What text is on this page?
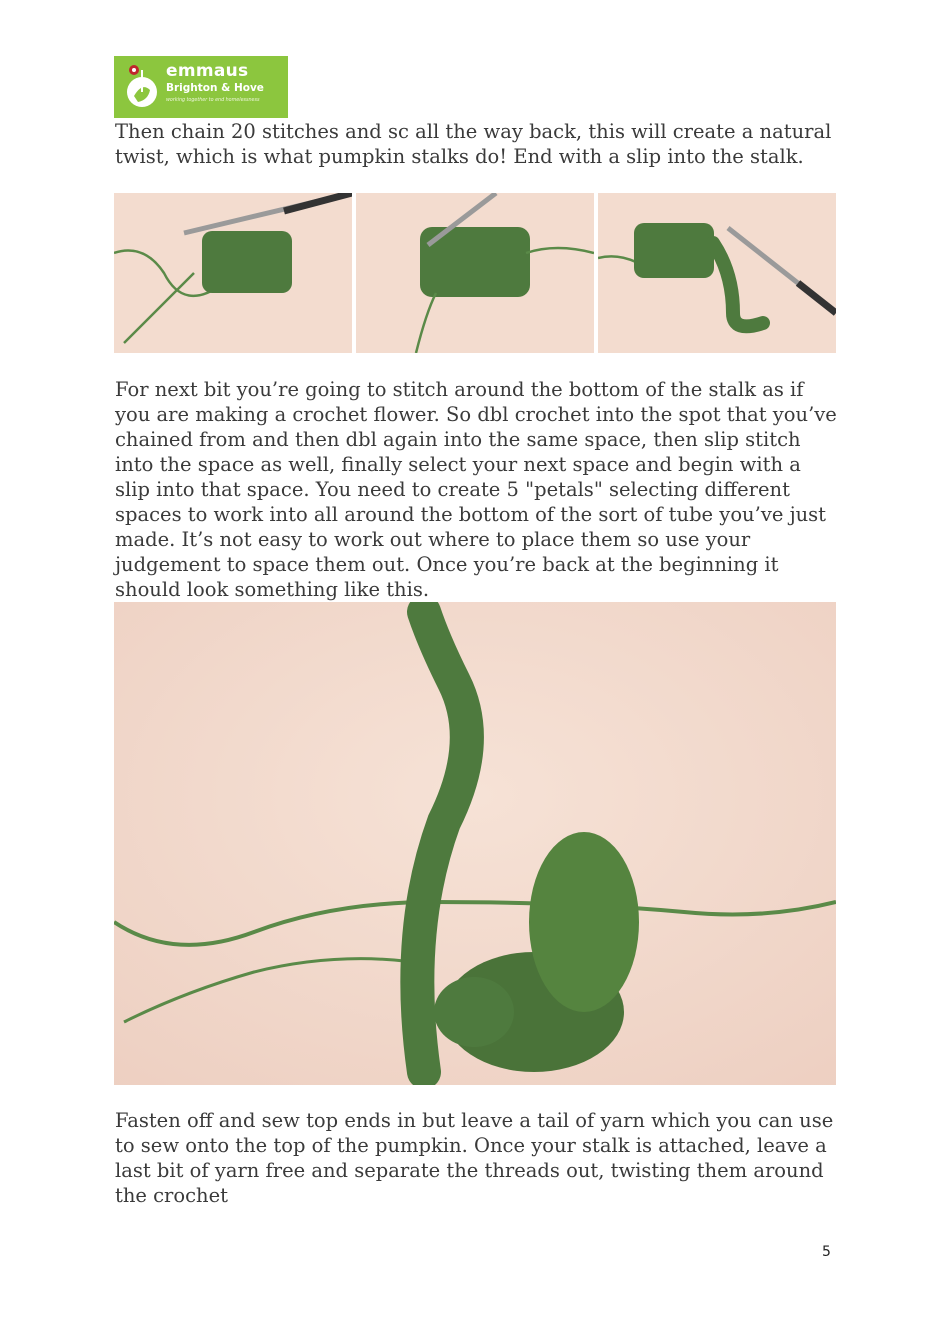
emmaus
Brighton & Hove
working together to end homelessness

Then chain 20 stitches and sc all the way back, this will create a natural twist, which is what pumpkin stalks do! End with a slip into the stalk.

For next bit you’re going to stitch around the bottom of the stalk as if you are making a crochet flower. So dbl crochet into the spot that you’ve chained from and then dbl again into the same space, then slip stitch into the space as well, finally select your next space and begin with a slip into that space. You need to create 5 "petals" selecting different spaces to work into all around the bottom of the sort of tube you’ve just made. It’s not easy to work out where to place them so use your judgement to space them out. Once you’re back at the beginning it should look something like this.

Fasten off and sew top ends in but leave a tail of yarn which you can use to sew onto the top of the pumpkin. Once your stalk is attached, leave a last bit of yarn free and separate the threads out, twisting them around the crochet

5
